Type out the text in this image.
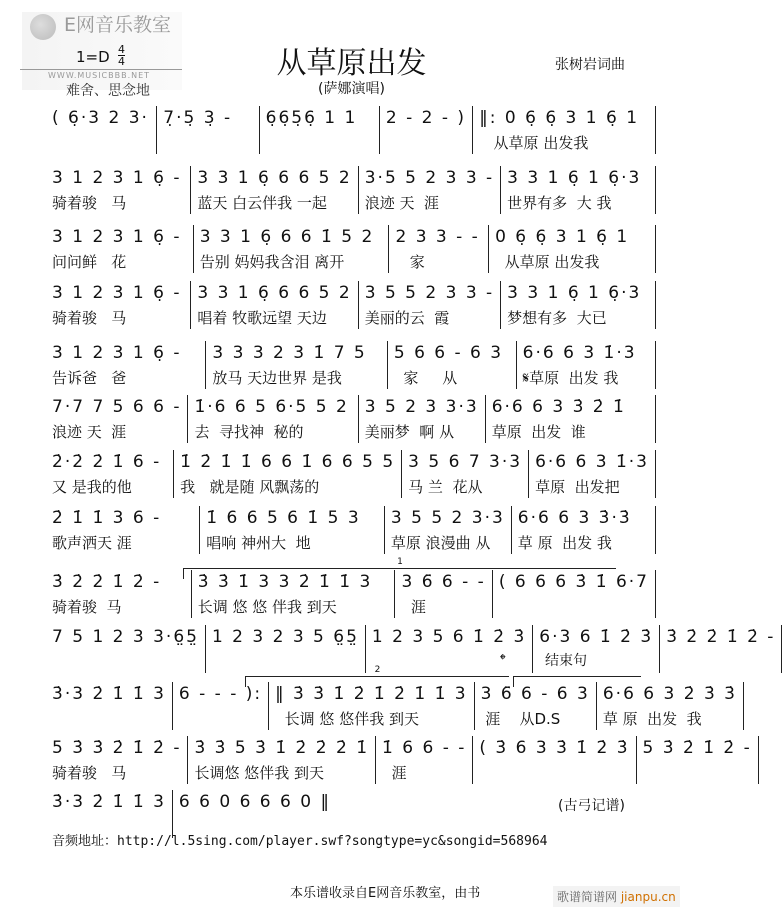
E网音乐教室
WWW.MUSICBBB.NET
1=D 4
4
难舍、思念地
从草原出发
(萨娜演唱)
张树岩词曲
( 6̣·3 2 3· 7̣·5̣ 3̣ -	6̣6̣5̣6̣ 1 1	2 - 2 - ) ‖: 0 6̣ 6̣ 3 1 6̣ 1
从草原 出发我
3 1 2 3 1 6̣ -
骑着骏   马
3 3 1 6̣ 6 6 5 2
蓝天 白云伴我 一起
3·5 5 2 3 3 -
浪迹 天  涯
3 3 1 6̣ 1 6̣·3
世界有多  大 我
3 1 2 3 1 6̣ -
问问鲜   花
3 3 1 6̣ 6 6 1̇ 5 2
告别 妈妈我含泪 离开
2 3 3 - -
家
0 6̣ 6̣ 3 1 6̣ 1
从草原 出发我
3 1 2 3 1 6̣ -
骑着骏   马
3 3 1 6̣ 6 6 5 2
唱着 牧歌远望 天边
3 5 5 2 3 3 -
美丽的云  霞
3 3 1 6̣ 1 6̣·3
梦想有多  大已
3 1 2 3 1 6̣ -
告诉爸   爸
3 3 3 2 3 1̇ 7 5
放马 天边世界 是我
5 6 6 - 6 3
家     从
6·6 6 3 1̇·3
𝄋草原  出发 我
7·7 7 5 6 6 -
浪迹 天  涯
1̇·6 6 5 6·5 5 2
去  寻找神  秘的
3 5 2 3 3·3
美丽梦  啊 从
6·6 6 3 3̇ 2̇ 1̇
草原  出发  谁
2̇·2̇ 2̇ 1̇ 6 -
又 是我的他
1̇ 2̇ 1̇ 1̇ 6 6 1̇ 6 6 5 5
我   就是随 风飘荡的
3 5 6 7 3·3
马 兰  花从
6·6 6 3 1̇·3
草原  出发把
2̇ 1̇ 1̇ 3 6 -
歌声洒天 涯
1̇ 6 6 5 6 1̇ 5 3
唱响 神州大  地
3 5 5 2 3·3
草原 浪漫曲 从
6·6 6 3 3̇·3̇
草 原  出发 我
3̇ 2̇ 2̇ 1̇ 2̇ -
骑着骏  马
3̇ 3̇ 1̇ 3 3 2̇ 1̇ 1̇ 3
长调 悠 悠 伴我 到天
3 6̈ 6 - -
涯
( 6 6 6 3̇ 1̇ 6·7
7 5 1 2 3 3·6̤5̤ 1 2 3 2 3 5 6̤5̤ 1 2 3 5 6 1̇ 2̇ 3̇ 6·3 6 1̇ 2̇ 3̇ 3̇ 2̇ 2̇ 1̇ 2̇ -
3̇·3 2̇ 1̇ 1̇ 3 6 - - - ): ‖ 3̇ 3̇ 1̇ 2̇ 1̇ 2̇ 1̇ 1̇ 3
长调 悠 悠伴我 到天
3 6̈ 6 - 6 3
涯    从D.S
6·6 6 3 2̇ 3̇ 3̇
草 原  出发  我
5 3̇ 3̇ 2̇ 1̇ 2̇ -
骑着骏   马
3̇ 3̇ 5 3̇ 1̇ 2̇ 2̇ 2̇ 1̇
长调悠 悠伴我 到天
1̇ 6 6 - -
涯
( 3̇ 6 3 3̇ 1̇ 2̇ 3̇ 5 3̇ 2̇ 1̇ 2̇ -
3̇·3 2̇ 1̇ 1̇ 3 6 6 0 6 6 6 0 ‖
1
2
𝄌	结束句
(古弓记谱)
音频地址：http://l.5sing.com/player.swf?songtype=yc&songid=568964
本乐谱收录自E网音乐教室，由书	歌谱简谱网 jianpu.cn
